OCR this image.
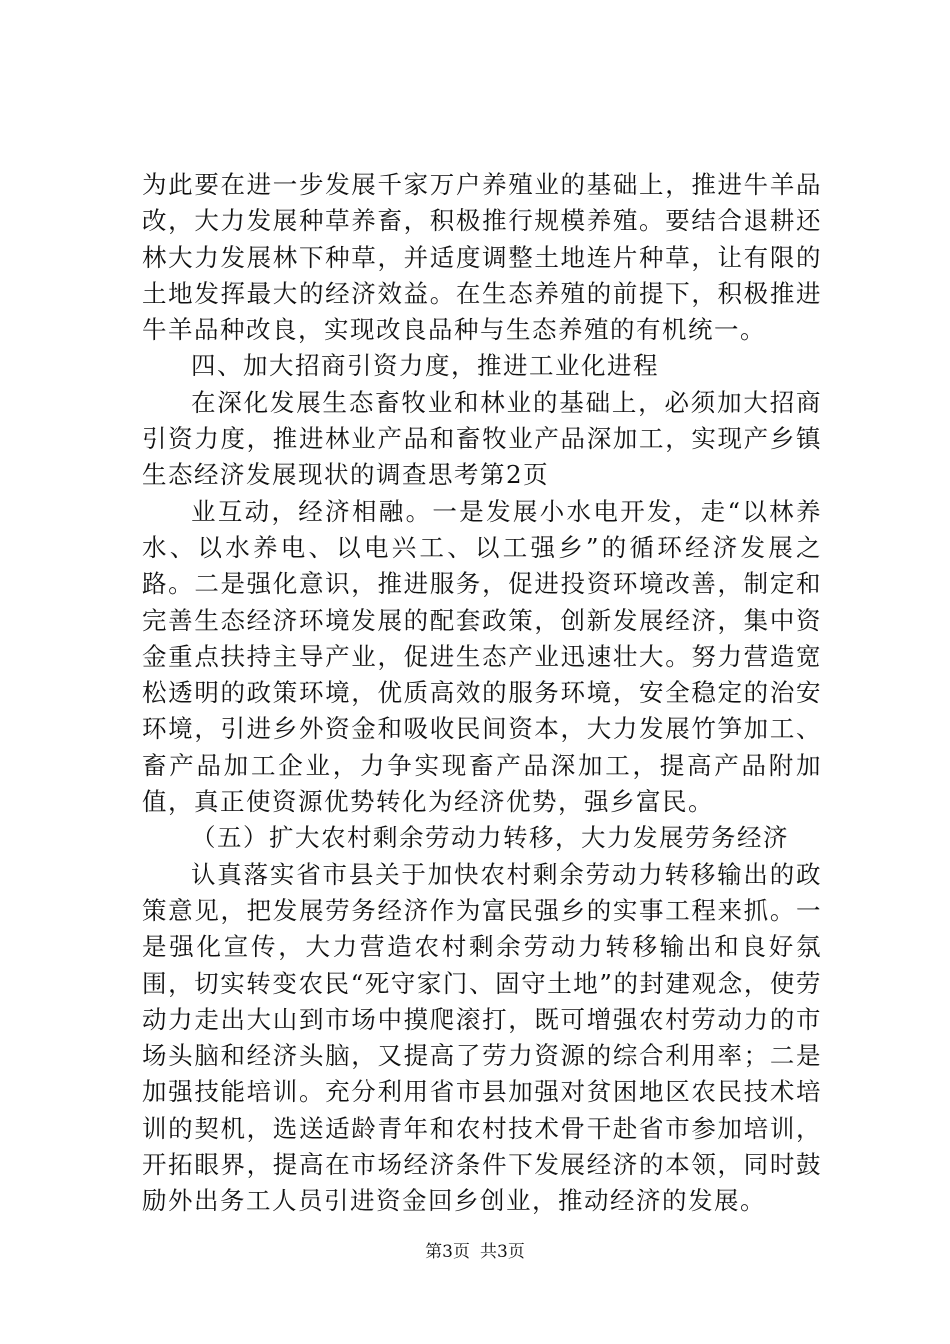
为此要在进一步发展千家万户养殖业的基础上，推进牛羊品改，大力发展种草养畜，积极推行规模养殖。要结合退耕还林大力发展林下种草，并适度调整土地连片种草，让有限的土地发挥最大的经济效益。在生态养殖的前提下，积极推进牛羊品种改良，实现改良品种与生态养殖的有机统一。

四、加大招商引资力度，推进工业化进程

在深化发展生态畜牧业和林业的基础上，必须加大招商引资力度，推进林业产品和畜牧业产品深加工，实现产乡镇生态经济发展现状的调查思考第2页

业互动，经济相融。一是发展小水电开发，走“以林养水、以水养电、以电兴工、以工强乡”的循环经济发展之路。二是强化意识，推进服务，促进投资环境改善，制定和完善生态经济环境发展的配套政策，创新发展经济，集中资金重点扶持主导产业，促进生态产业迅速壮大。努力营造宽松透明的政策环境，优质高效的服务环境，安全稳定的治安环境，引进乡外资金和吸收民间资本，大力发展竹笋加工、畜产品加工企业，力争实现畜产品深加工，提高产品附加值，真正使资源优势转化为经济优势，强乡富民。

（五）扩大农村剩余劳动力转移，大力发展劳务经济

认真落实省市县关于加快农村剩余劳动力转移输出的政策意见，把发展劳务经济作为富民强乡的实事工程来抓。一是强化宣传，大力营造农村剩余劳动力转移输出和良好氛围，切实转变农民“死守家门、固守土地”的封建观念，使劳动力走出大山到市场中摸爬滚打，既可增强农村劳动力的市场头脑和经济头脑，又提高了劳力资源的综合利用率；二是加强技能培训。充分利用省市县加强对贫困地区农民技术培训的契机，选送适龄青年和农村技术骨干赴省市参加培训，开拓眼界，提高在市场经济条件下发展经济的本领，同时鼓励外出务工人员引进资金回乡创业，推动经济的发展。

第3页 共3页
